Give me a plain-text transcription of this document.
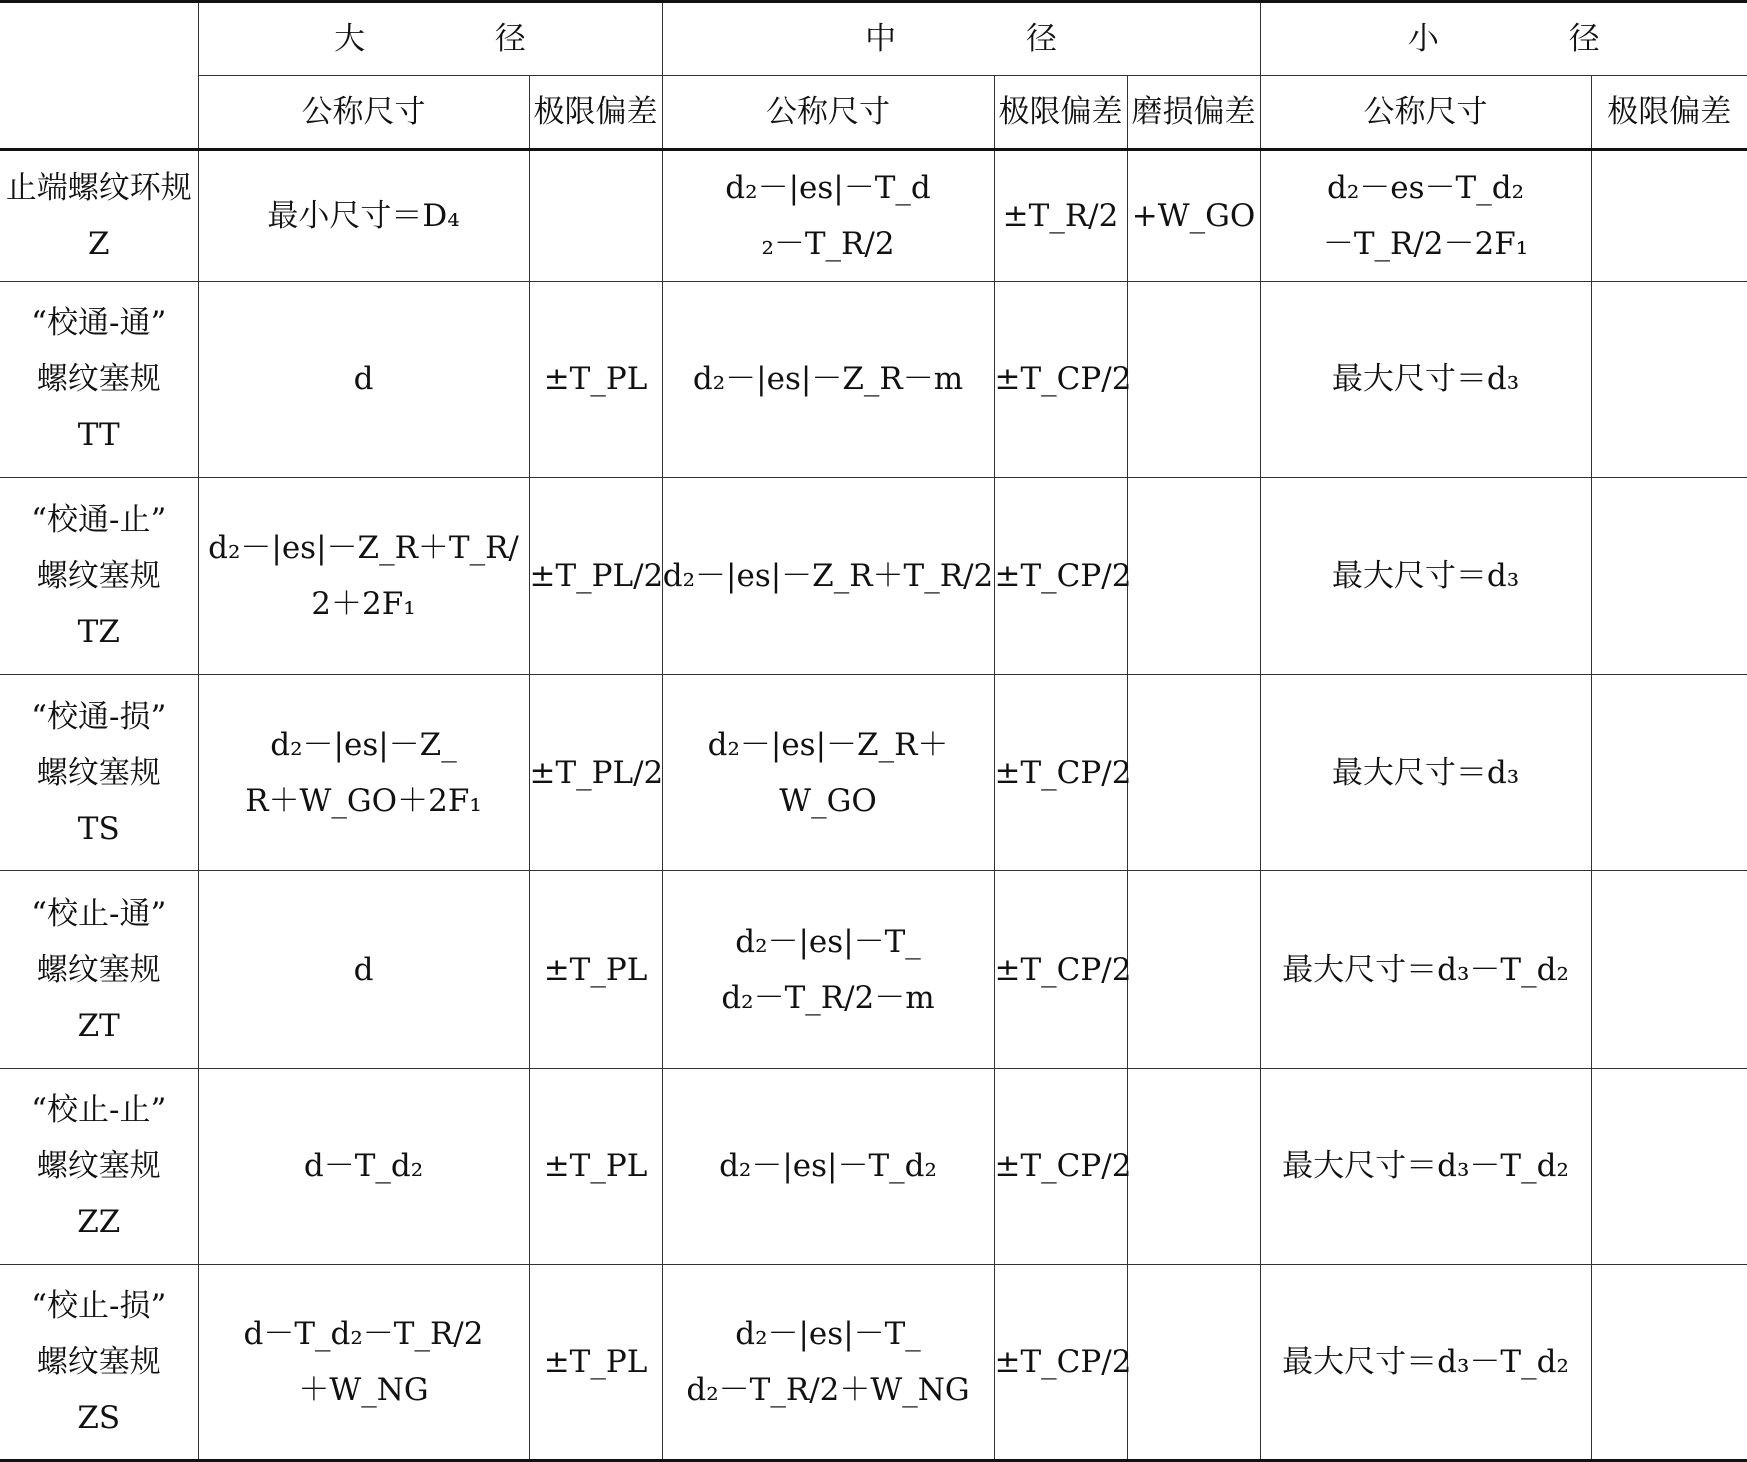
	大 径		中 径			小 径	
	公称尺寸	极限偏差	公称尺寸	极限偏差	磨损偏差	公称尺寸	极限偏差

止端螺纹环规
Z	最小尺寸＝D₄		d₂－|es|－T_d
₂－T_R/2	±T_R/2	+W_GO	d₂－es－T_d₂
－T_R/2－2F₁	

“校通-通”
螺纹塞规
TT	d	±T_PL	d₂－|es|－Z_R－m	±T_CP/2		最大尺寸＝d₃	

“校通-止”
螺纹塞规
TZ	d₂－|es|－Z_R＋T_R/
2＋2F₁	±T_PL/2	d₂－|es|－Z_R＋T_R/2	±T_CP/2		最大尺寸＝d₃	

“校通-损”
螺纹塞规
TS	d₂－|es|－Z_
R＋W_GO＋2F₁	±T_PL/2	d₂－|es|－Z_R＋W_GO	±T_CP/2		最大尺寸＝d₃	

“校止-通”
螺纹塞规
ZT	d	±T_PL	d₂－|es|－T_
d₂－T_R/2－m	±T_CP/2		最大尺寸＝d₃－T_d₂	

“校止-止”
螺纹塞规
ZZ	d－T_d₂	±T_PL	d₂－|es|－T_d₂	±T_CP/2		最大尺寸＝d₃－T_d₂	

“校止-损”
螺纹塞规
ZS	d－T_d₂－T_R/2
＋W_NG	±T_PL	d₂－|es|－T_
d₂－T_R/2＋W_NG	±T_CP/2		最大尺寸＝d₃－T_d₂	
